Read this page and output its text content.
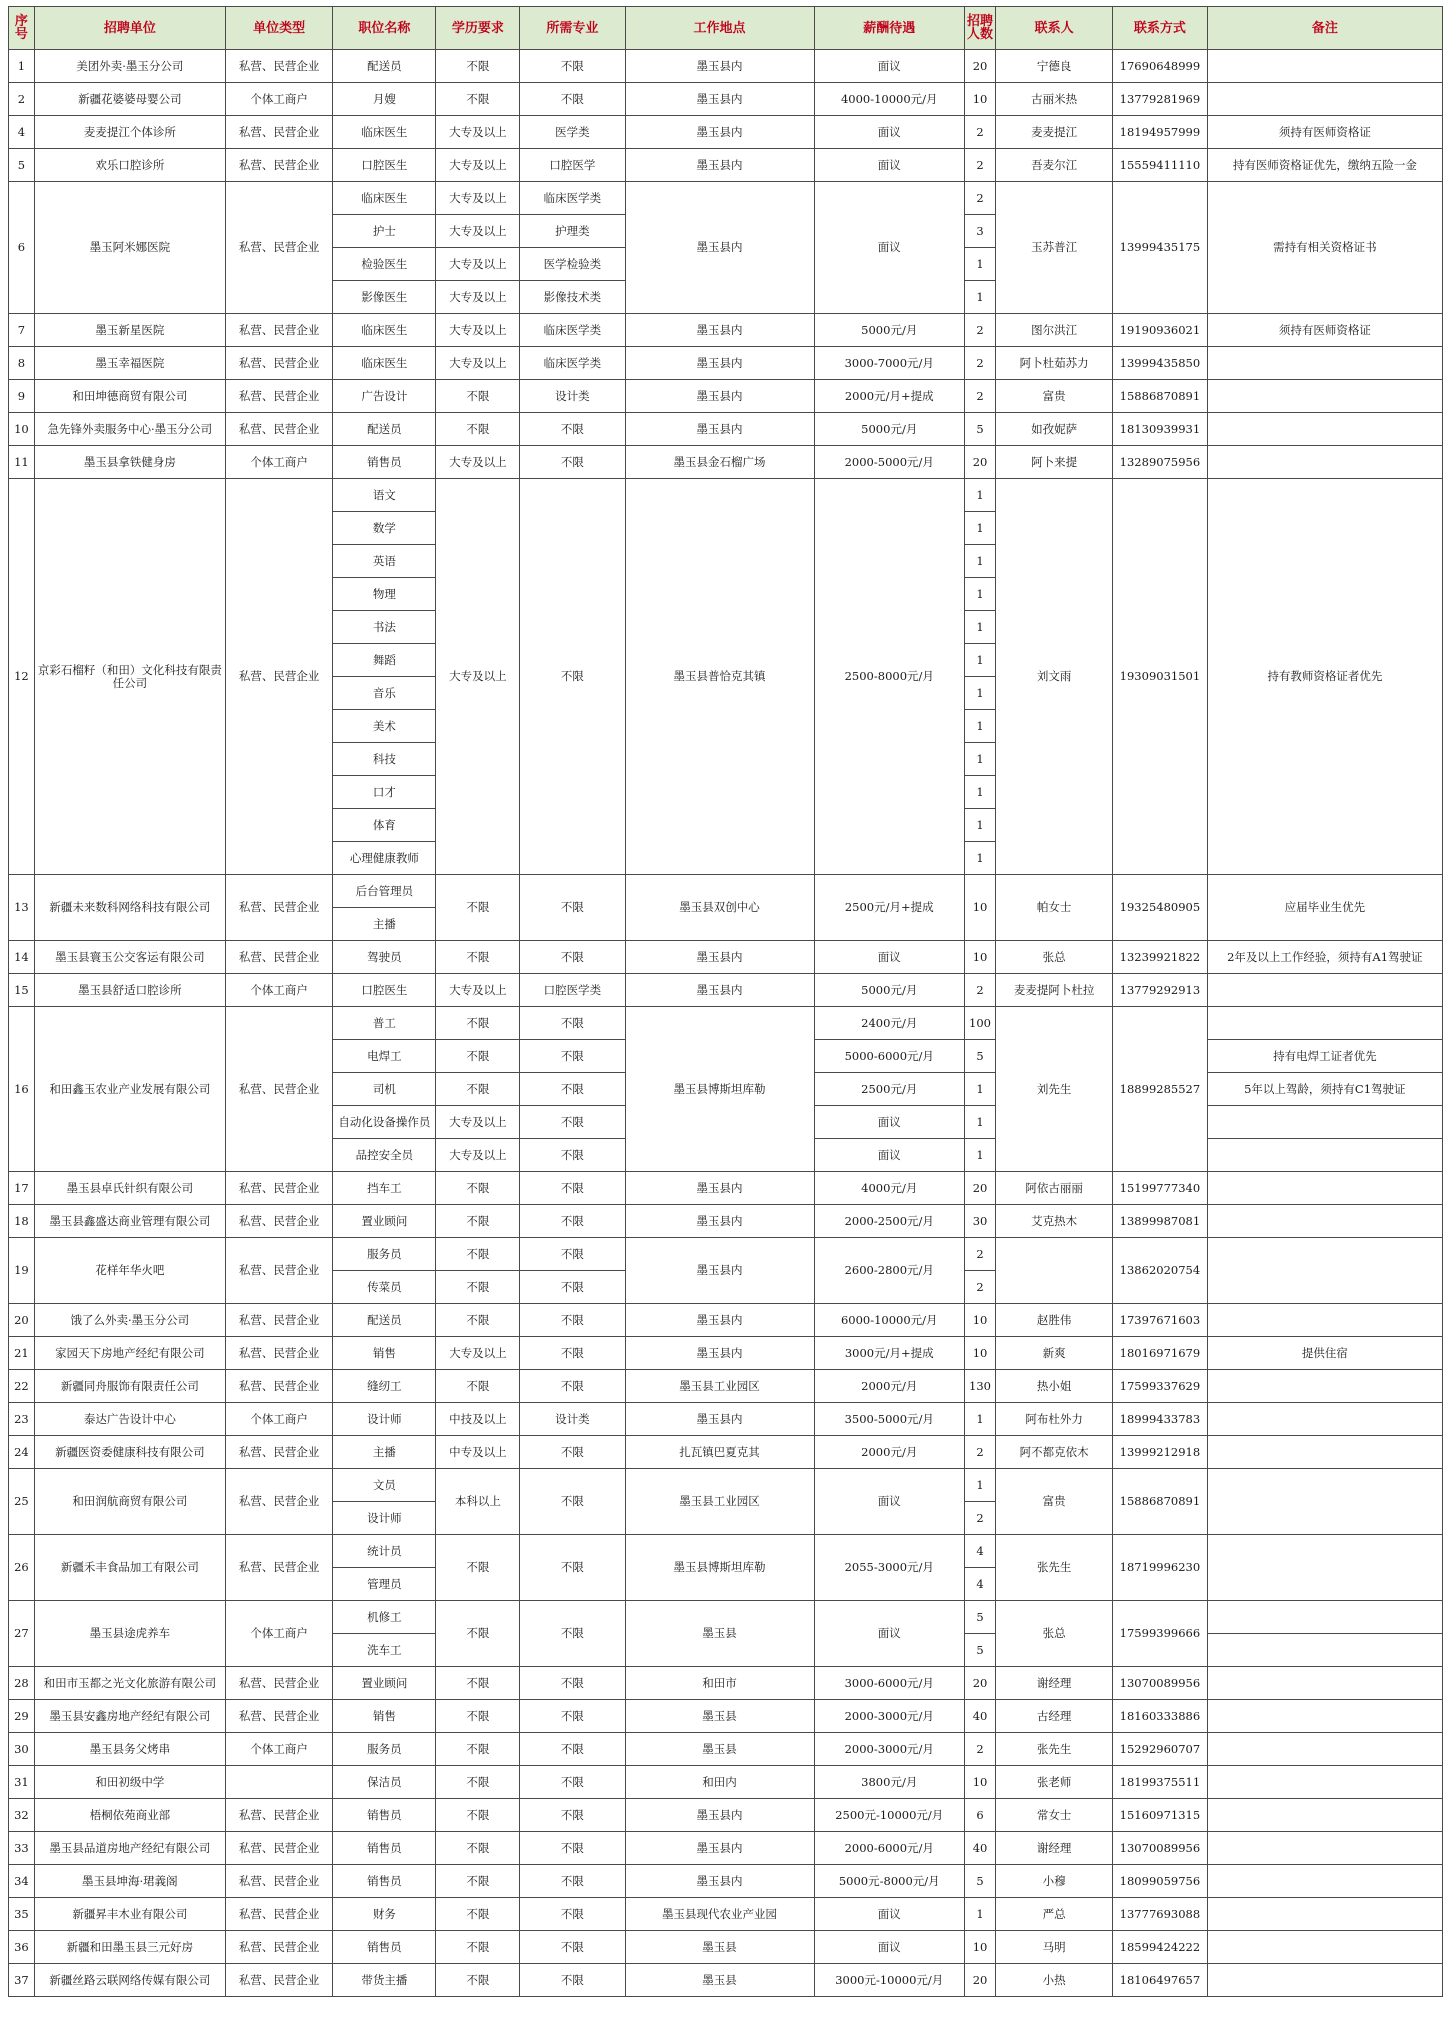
序号	招聘单位	单位类型	职位名称	学历要求	所需专业	工作地点	薪酬待遇	招聘人数	联系人	联系方式	备注
1	美团外卖·墨玉分公司	私营、民营企业	配送员	不限	不限	墨玉县内	面议	20	宁德良	17690648999	
2	新疆花婆婆母婴公司	个体工商户	月嫂	不限	不限	墨玉县内	4000-10000元/月	10	古丽米热	13779281969	
4	麦麦提江个体诊所	私营、民营企业	临床医生	大专及以上	医学类	墨玉县内	面议	2	麦麦提江	18194957999	须持有医师资格证
5	欢乐口腔诊所	私营、民营企业	口腔医生	大专及以上	口腔医学	墨玉县内	面议	2	吾麦尔江	15559411110	持有医师资格证优先，缴纳五险一金
6	墨玉阿米娜医院	私营、民营企业	临床医生	大专及以上	临床医学类	墨玉县内	面议	2	玉苏普江	13999435175	需持有相关资格证书
			护士	大专及以上	护理类			3			
			检验医生	大专及以上	医学检验类			1			
			影像医生	大专及以上	影像技术类			1			
7	墨玉新星医院	私营、民营企业	临床医生	大专及以上	临床医学类	墨玉县内	5000元/月	2	图尔洪江	19190936021	须持有医师资格证
8	墨玉幸福医院	私营、民营企业	临床医生	大专及以上	临床医学类	墨玉县内	3000-7000元/月	2	阿卜杜茹苏力	13999435850	
9	和田坤德商贸有限公司	私营、民营企业	广告设计	不限	设计类	墨玉县内	2000元/月+提成	2	富贵	15886870891	
10	急先锋外卖服务中心·墨玉分公司	私营、民营企业	配送员	不限	不限	墨玉县内	5000元/月	5	如孜妮萨	18130939931	
11	墨玉县拿铁健身房	个体工商户	销售员	大专及以上	不限	墨玉县金石榴广场	2000-5000元/月	20	阿卜来提	13289075956	
12	京彩石榴籽（和田）文化科技有限责任公司	私营、民营企业	语文	大专及以上	不限	墨玉县普恰克其镇	2500-8000元/月	1	刘文雨	19309031501	持有教师资格证者优先
			数学					1			
			英语					1			
			物理					1			
			书法					1			
			舞蹈					1			
			音乐					1			
			美术					1			
			科技					1			
			口才					1			
			体育					1			
			心理健康教师					1			
13	新疆未来数科网络科技有限公司	私营、民营企业	后台管理员	不限	不限	墨玉县双创中心	2500元/月+提成	10	帕女士	19325480905	应届毕业生优先
			主播								
14	墨玉县寰玉公交客运有限公司	私营、民营企业	驾驶员	不限	不限	墨玉县内	面议	10	张总	13239921822	2年及以上工作经验，须持有A1驾驶证
15	墨玉县舒适口腔诊所	个体工商户	口腔医生	大专及以上	口腔医学类	墨玉县内	5000元/月	2	麦麦提阿卜杜拉	13779292913	
16	和田鑫玉农业产业发展有限公司	私营、民营企业	普工	不限	不限	墨玉县博斯坦库勒	2400元/月	100	刘先生	18899285527	
			电焊工	不限	不限		5000-6000元/月	5			持有电焊工证者优先
			司机	不限	不限		2500元/月	1			5年以上驾龄，须持有C1驾驶证
			自动化设备操作员	大专及以上	不限		面议	1			
			品控安全员	大专及以上	不限		面议	1			
17	墨玉县卓氏针织有限公司	私营、民营企业	挡车工	不限	不限	墨玉县内	4000元/月	20	阿依古丽丽	15199777340	
18	墨玉县鑫盛达商业管理有限公司	私营、民营企业	置业顾问	不限	不限	墨玉县内	2000-2500元/月	30	艾克热木	13899987081	
19	花样年华火吧	私营、民营企业	服务员	不限	不限	墨玉县内	2600-2800元/月	2		13862020754	
			传菜员	不限	不限			2			
20	饿了么外卖·墨玉分公司	私营、民营企业	配送员	不限	不限	墨玉县内	6000-10000元/月	10	赵胜伟	17397671603	
21	家园天下房地产经纪有限公司	私营、民营企业	销售	大专及以上	不限	墨玉县内	3000元/月+提成	10	新爽	18016971679	提供住宿
22	新疆同舟服饰有限责任公司	私营、民营企业	缝纫工	不限	不限	墨玉县工业园区	2000元/月	130	热小姐	17599337629	
23	泰达广告设计中心	个体工商户	设计师	中技及以上	设计类	墨玉县内	3500-5000元/月	1	阿布杜外力	18999433783	
24	新疆医资委健康科技有限公司	私营、民营企业	主播	中专及以上	不限	扎瓦镇巴夏克其	2000元/月	2	阿不都克依木	13999212918	
25	和田润航商贸有限公司	私营、民营企业	文员	本科以上	不限	墨玉县工业园区	面议	1	富贵	15886870891	
			设计师					2			
26	新疆禾丰食品加工有限公司	私营、民营企业	统计员	不限	不限	墨玉县博斯坦库勒	2055-3000元/月	4	张先生	18719996230	
			管理员					4			
27	墨玉县途虎养车	个体工商户	机修工	不限	不限	墨玉县	面议	5	张总	17599399666	
			洗车工					5			
28	和田市玉都之光文化旅游有限公司	私营、民营企业	置业顾问	不限	不限	和田市	3000-6000元/月	20	谢经理	13070089956	
29	墨玉县安鑫房地产经纪有限公司	私营、民营企业	销售	不限	不限	墨玉县	2000-3000元/月	40	古经理	18160333886	
30	墨玉县务父烤串	个体工商户	服务员	不限	不限	墨玉县	2000-3000元/月	2	张先生	15292960707	
31	和田初级中学		保洁员	不限	不限	和田内	3800元/月	10	张老师	18199375511	
32	梧桐依苑商业部	私营、民营企业	销售员	不限	不限	墨玉县内	2500元-10000元/月	6	常女士	15160971315	
33	墨玉县品道房地产经纪有限公司	私营、民营企业	销售员	不限	不限	墨玉县内	2000-6000元/月	40	谢经理	13070089956	
34	墨玉县坤海·珺義阁	私营、民营企业	销售员	不限	不限	墨玉县内	5000元-8000元/月	5	小穆	18099059756	
35	新疆昇丰木业有限公司	私营、民营企业	财务	不限	不限	墨玉县现代农业产业园	面议	1	严总	13777693088	
36	新疆和田墨玉县三元好房	私营、民营企业	销售员	不限	不限	墨玉县	面议	10	马明	18599424222	
37	新疆丝路云联网络传媒有限公司	私营、民营企业	带货主播	不限	不限	墨玉县	3000元-10000元/月	20	小热	18106497657	
